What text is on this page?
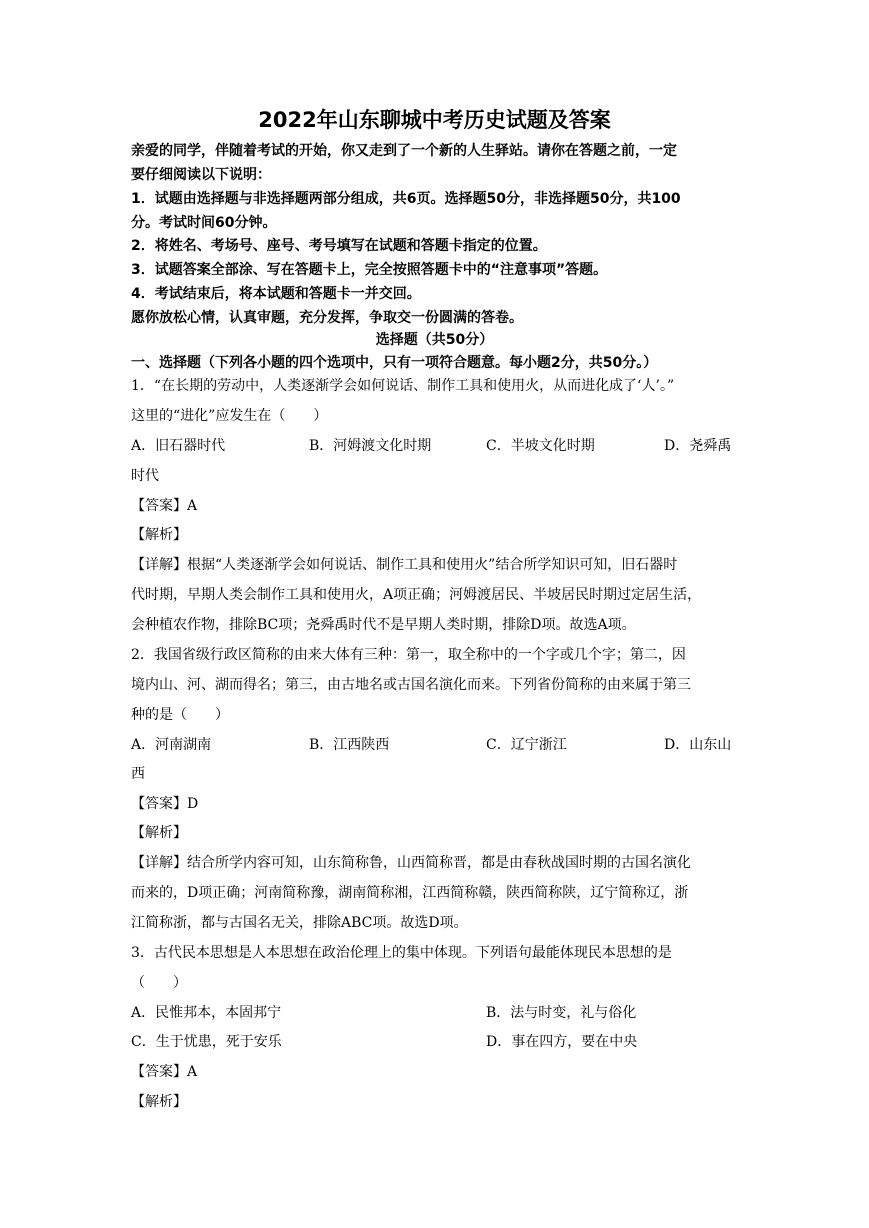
2022年山东聊城中考历史试题及答案
亲爱的同学，伴随着考试的开始，你又走到了一个新的人生驿站。请你在答题之前，一定
要仔细阅读以下说明：
1．试题由选择题与非选择题两部分组成，共6页。选择题50分，非选择题50分，共100
分。考试时间60分钟。
2．将姓名、考场号、座号、考号填写在试题和答题卡指定的位置。
3．试题答案全部涂、写在答题卡上，完全按照答题卡中的“注意事项”答题。
4．考试结束后，将本试题和答题卡一并交回。
愿你放松心情，认真审题，充分发挥，争取交一份圆满的答卷。
选择题（共50分）
一、选择题（下列各小题的四个选项中，只有一项符合题意。每小题2分，共50分。）
1．“在长期的劳动中，人类逐渐学会如何说话、制作工具和使用火，从而进化成了‘人’。”
这里的“进化”应发生在（　　）
A．旧石器时代	B．河姆渡文化时期	C．半坡文化时期	D．尧舜禹
时代
【答案】A
【解析】
【详解】根据“人类逐渐学会如何说话、制作工具和使用火”结合所学知识可知，旧石器时
代时期，早期人类会制作工具和使用火，A项正确；河姆渡居民、半坡居民时期过定居生活，
会种植农作物，排除BC项；尧舜禹时代不是早期人类时期，排除D项。故选A项。
2．我国省级行政区简称的由来大体有三种：第一，取全称中的一个字或几个字；第二，因
境内山、河、湖而得名；第三，由古地名或古国名演化而来。下列省份简称的由来属于第三
种的是（　　）
A．河南湖南	B．江西陕西	C．辽宁浙江	D．山东山
西
【答案】D
【解析】
【详解】结合所学内容可知，山东简称鲁，山西简称晋，都是由春秋战国时期的古国名演化
而来的，D项正确；河南简称豫，湖南简称湘，江西简称赣，陕西简称陕，辽宁简称辽，浙
江简称浙，都与古国名无关，排除ABC项。故选D项。
3．古代民本思想是人本思想在政治伦理上的集中体现。下列语句最能体现民本思想的是
（　　）
A．民惟邦本，本固邦宁	B．法与时变，礼与俗化
C．生于忧患，死于安乐	D．事在四方，要在中央
【答案】A
【解析】
